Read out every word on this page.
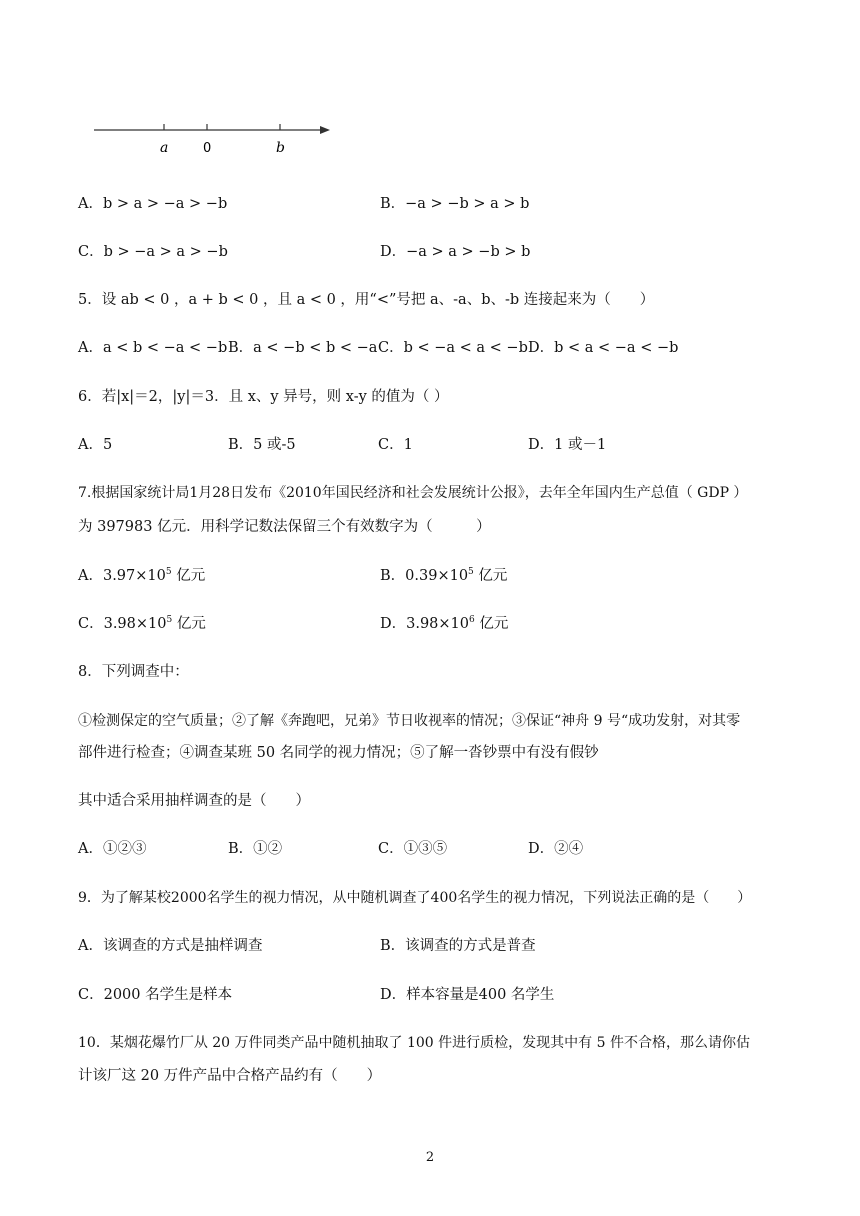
a	0	b
A．b > a > −a > −b	B．−a > −b > a > b
C．b > −a > a > −b	D．−a > a > −b > b
5．设 ab < 0 ，a + b < 0 ，且 a < 0 ，用“<”号把 a、-a、b、-b 连接起来为（　　）
A．a < b < −a < −b B．a < −b < b < −a C．b < −a < a < −b D．b < a < −a < −b
6．若|x|＝2，|y|＝3．且 x、y 异号，则 x-y 的值为（ ）
A．5	B．5 或-5	C．1	D．1 或－1
7.根据国家统计局1月28日发布《2010年国民经济和社会发展统计公报》，去年全年国内生产总值（ GDP ）
为 397983 亿元．用科学记数法保留三个有效数字为（　　　）
A．$3.97\times 10^5$ 亿元	B．$0.39\times 10^5$ 亿元
C．$3.98\times 10^5$ 亿元	D．$3.98\times 10^6$ 亿元
8．下列调查中：
①检测保定的空气质量；②了解《奔跑吧，兄弟》节日收视率的情况；③保证“神舟 9 号“成功发射，对其零
部件进行检查；④调查某班 50 名同学的视力情况；⑤了解一沓钞票中有没有假钞
其中适合采用抽样调查的是（　　）
A．①②③	B．①②	C．①③⑤	D．②④
9．为了解某校2000名学生的视力情况，从中随机调查了400名学生的视力情况，下列说法正确的是（　　）
A．该调查的方式是抽样调查	B．该调查的方式是普查
C．2000 名学生是样本	D．样本容量是400 名学生
10．某烟花爆竹厂从 20 万件同类产品中随机抽取了 100 件进行质检，发现其中有 5 件不合格，那么请你估
计该厂这 20 万件产品中合格产品约有（　　）
2
